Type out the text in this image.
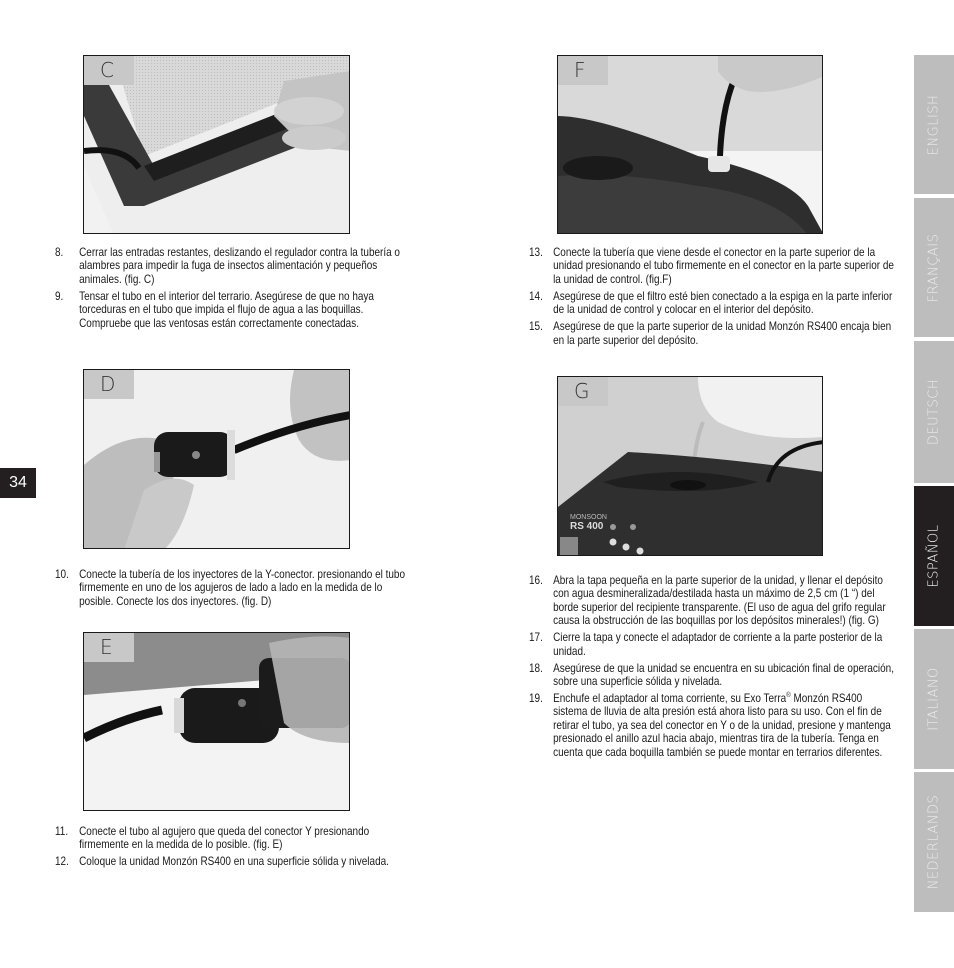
34
C
8. Cerrar las entradas restantes, deslizando el regulador contra la tubería o alambres para impedir la fuga de insectos alimentación y pequeños animales. (fig. C)
9. Tensar el tubo en el interior del terrario. Asegúrese de que no haya torceduras en el tubo que impida el flujo de agua a las boquillas. Compruebe que las ventosas están correctamente conectadas.
D
10. Conecte la tubería de los inyectores de la Y-conector. presionando el tubo firmemente en uno de los agujeros de lado a lado en la medida de lo posible. Conecte los dos inyectores. (fig. D)
E
11. Conecte el tubo al agujero que queda del conector Y presionando firmemente en la medida de lo posible. (fig. E)
12. Coloque la unidad Monzón RS400 en una superficie sólida y nivelada.
F
13. Conecte la tubería que viene desde el conector en la parte superior de la unidad presionando el tubo firmemente en el conector en la parte superior de la unidad de control. (fig.F)
14. Asegúrese de que el filtro esté bien conectado a la espiga en la parte inferior de la unidad de control y colocar en el interior del depósito.
15. Asegúrese de que la parte superior de la unidad Monzón RS400 encaja bien en la parte superior del depósito.
MONSOON
RS 400
G
16. Abra la tapa pequeña en la parte superior de la unidad, y llenar el depósito con agua desmineralizada/destilada hasta un máximo de 2,5 cm (1 “) del borde superior del recipiente transparente. (El uso de agua del grifo regular causa la obstrucción de las boquillas por los depósitos minerales!) (fig. G)
17. Cierre la tapa y conecte el adaptador de corriente a la parte posterior de la unidad.
18. Asegúrese de que la unidad se encuentra en su ubicación final de operación, sobre una superficie sólida y nivelada.
19. Enchufe el adaptador al toma corriente, su Exo Terra® Monzón RS400 sistema de lluvia de alta presión está ahora listo para su uso. Con el fin de retirar el tubo, ya sea del conector en Y o de la unidad, presione y mantenga presionado el anillo azul hacia abajo, mientras tira de la tubería. Tenga en cuenta que cada boquilla también se puede montar en terrarios diferentes.
ENGLISH
FRANÇAIS
DEUTSCH
ESPAÑOL
ITALIANO
NEDERLANDS
